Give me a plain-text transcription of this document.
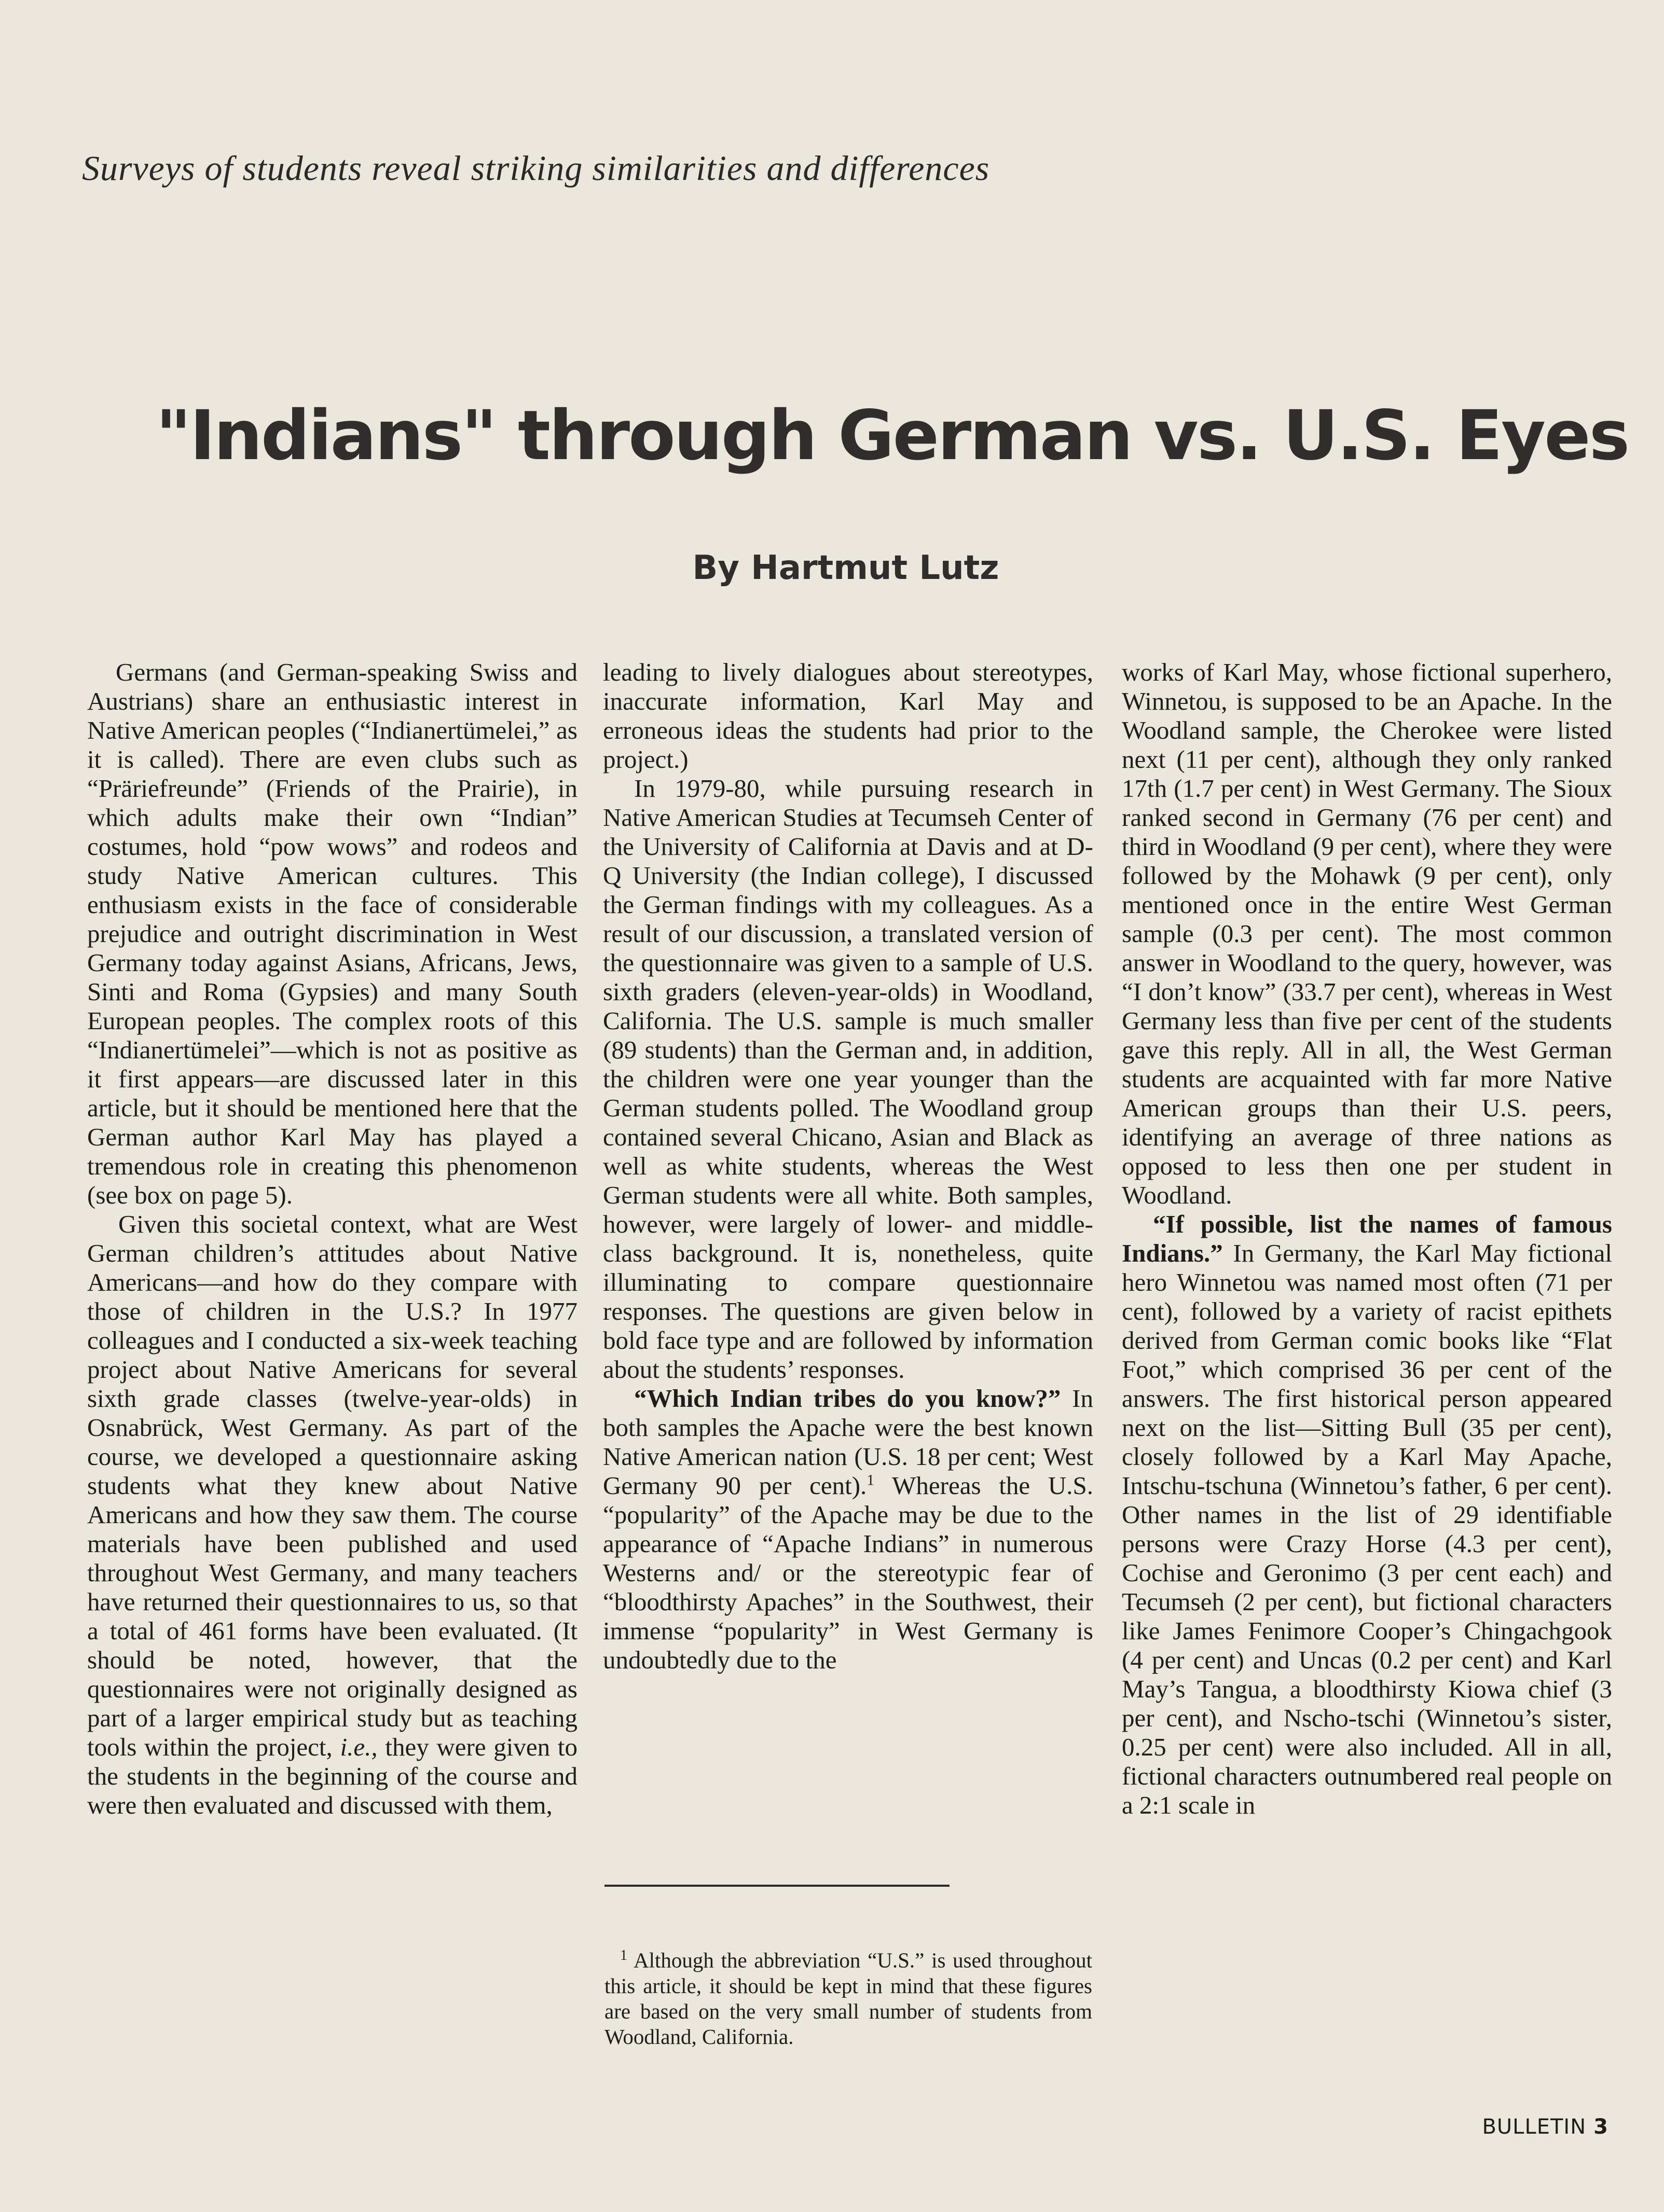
Surveys of students reveal striking similarities and differences
"Indians" through German vs. U.S. Eyes
By Hartmut Lutz

Germans (and German-speaking Swiss and Austrians) share an enthusiastic interest in Native American peoples (“Indianertümelei,” as it is called). There are even clubs such as “Präriefreunde” (Friends of the Prairie), in which adults make their own “Indian” costumes, hold “pow wows” and rodeos and study Native American cultures. This enthusiasm exists in the face of considerable prejudice and outright discrimination in West Germany today against Asians, Africans, Jews, Sinti and Roma (Gypsies) and many South European peoples. The complex roots of this “Indianertümelei”—which is not as positive as it first appears—are discussed later in this article, but it should be mentioned here that the German author Karl May has played a tremendous role in creating this phenomenon (see box on page 5).

Given this societal context, what are West German children’s attitudes about Native Americans—and how do they compare with those of children in the U.S.? In 1977 colleagues and I conducted a six-week teaching project about Native Americans for several sixth grade classes (twelve-year-olds) in Osnabrück, West Germany. As part of the course, we developed a questionnaire asking students what they knew about Native Americans and how they saw them. The course materials have been published and used throughout West Germany, and many teachers have returned their questionnaires to us, so that a total of 461 forms have been evaluated. (It should be noted, however, that the questionnaires were not originally designed as part of a larger empirical study but as teaching tools within the project, i.e., they were given to the students in the beginning of the course and were then evaluated and discussed with them,

leading to lively dialogues about stereotypes, inaccurate information, Karl May and erroneous ideas the students had prior to the project.)

In 1979-80, while pursuing research in Native American Studies at Tecumseh Center of the University of California at Davis and at D-Q University (the Indian college), I discussed the German findings with my colleagues. As a result of our discussion, a translated version of the questionnaire was given to a sample of U.S. sixth graders (eleven-year-olds) in Woodland, California. The U.S. sample is much smaller (89 students) than the German and, in addition, the children were one year younger than the German students polled. The Woodland group contained several Chicano, Asian and Black as well as white students, whereas the West German students were all white. Both samples, however, were largely of lower- and middle-class background. It is, nonetheless, quite illuminating to compare questionnaire responses. The questions are given below in bold face type and are followed by information about the students’ responses.

“Which Indian tribes do you know?” In both samples the Apache were the best known Native American nation (U.S. 18 per cent; West Germany 90 per cent).$^1$ Whereas the U.S. “popularity” of the Apache may be due to the appearance of “Apache Indians” in numerous Westerns and/ or the stereotypic fear of “bloodthirsty Apaches” in the Southwest, their immense “popularity” in West Germany is undoubtedly due to the

$^1$ Although the abbreviation “U.S.” is used throughout this article, it should be kept in mind that these figures are based on the very small number of students from Woodland, California.

works of Karl May, whose fictional superhero, Winnetou, is supposed to be an Apache. In the Woodland sample, the Cherokee were listed next (11 per cent), although they only ranked 17th (1.7 per cent) in West Germany. The Sioux ranked second in Germany (76 per cent) and third in Woodland (9 per cent), where they were followed by the Mohawk (9 per cent), only mentioned once in the entire West German sample (0.3 per cent). The most common answer in Woodland to the query, however, was “I don’t know” (33.7 per cent), whereas in West Germany less than five per cent of the students gave this reply. All in all, the West German students are acquainted with far more Native American groups than their U.S. peers, identifying an average of three nations as opposed to less then one per student in Woodland.

“If possible, list the names of famous Indians.” In Germany, the Karl May fictional hero Winnetou was named most often (71 per cent), followed by a variety of racist epithets derived from German comic books like “Flat Foot,” which comprised 36 per cent of the answers. The first historical person appeared next on the list—Sitting Bull (35 per cent), closely followed by a Karl May Apache, Intschu-tschuna (Winnetou’s father, 6 per cent). Other names in the list of 29 identifiable persons were Crazy Horse (4.3 per cent), Cochise and Geronimo (3 per cent each) and Tecumseh (2 per cent), but fictional characters like James Fenimore Cooper’s Chingachgook (4 per cent) and Uncas (0.2 per cent) and Karl May’s Tangua, a bloodthirsty Kiowa chief (3 per cent), and Nscho-tschi (Winnetou’s sister, 0.25 per cent) were also included. All in all, fictional characters outnumbered real people on a 2:1 scale in

BULLETIN 3
